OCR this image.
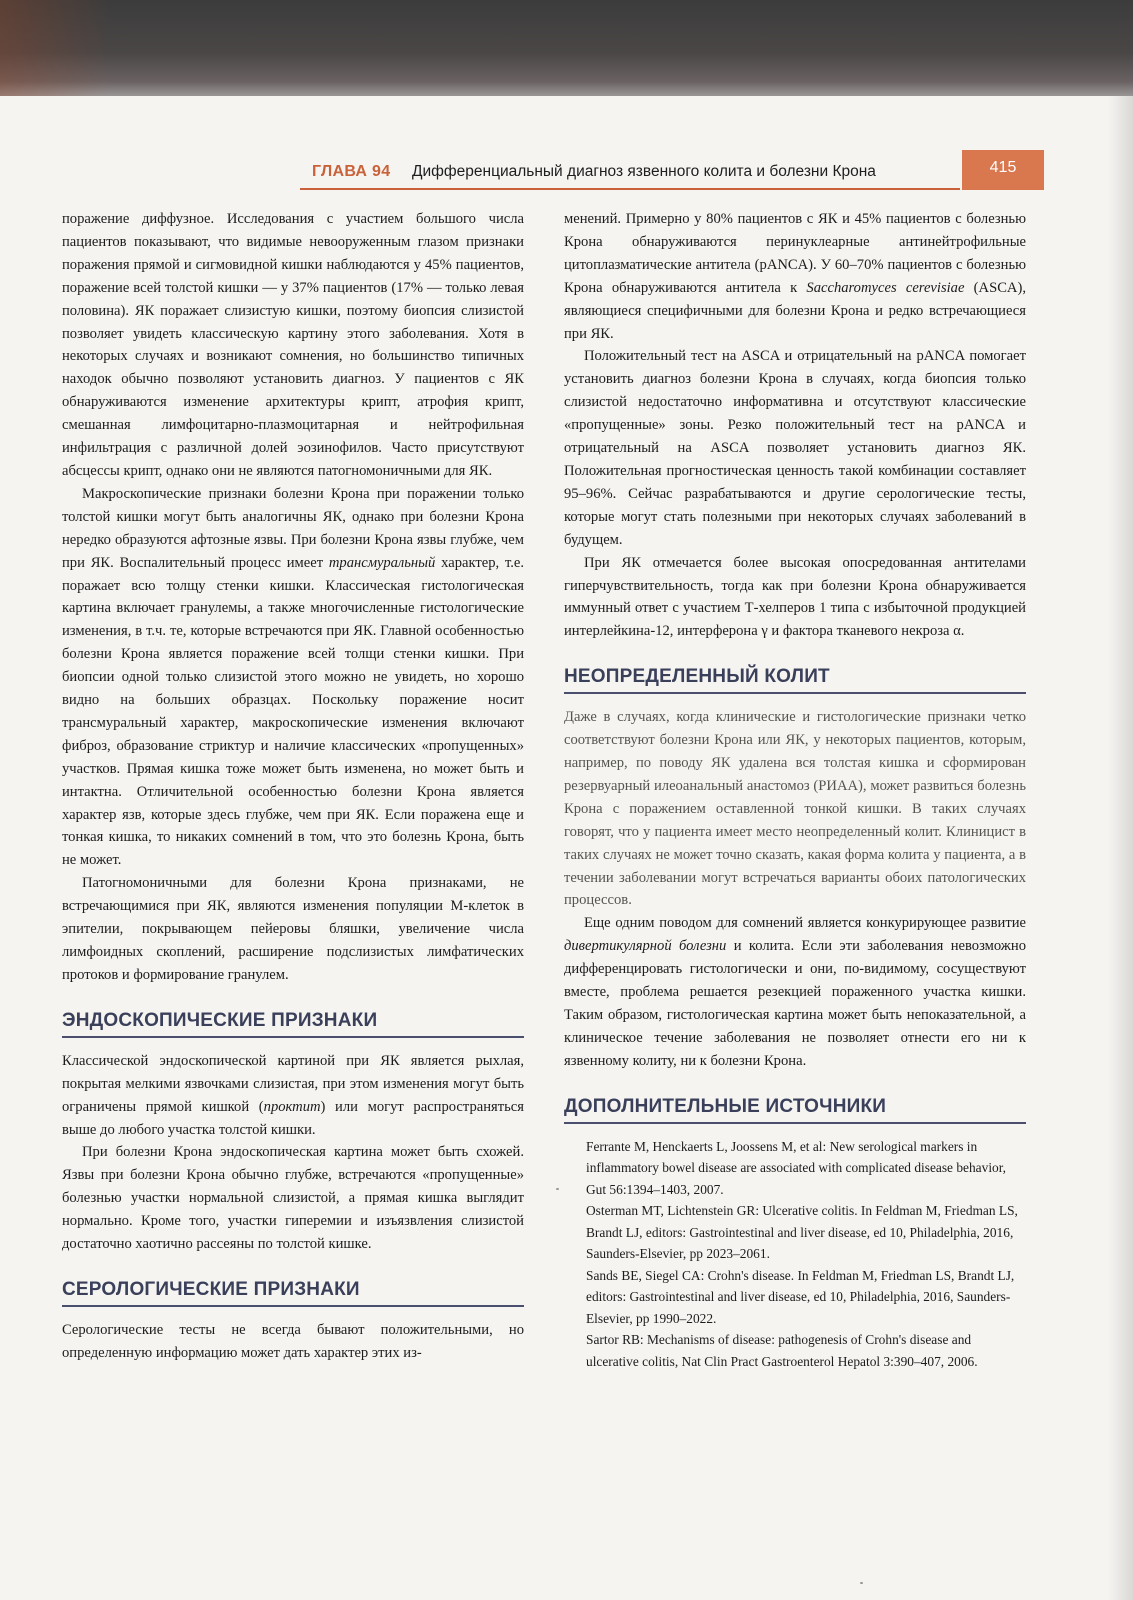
ГЛАВА 94 Дифференциальный диагноз язвенного колита и болезни Крона	415

поражение диффузное. Исследования с участием большого числа пациентов показывают, что видимые невооруженным глазом признаки поражения прямой и сигмовидной кишки наблюдаются у 45% пациентов, поражение всей толстой кишки — у 37% пациентов (17% — только левая половина). ЯК поражает слизистую кишки, поэтому биопсия слизистой позволяет увидеть классическую картину этого заболевания. Хотя в некоторых случаях и возникают сомнения, но большинство типичных находок обычно позволяют установить диагноз. У пациентов с ЯК обнаруживаются изменение архитектуры крипт, атрофия крипт, смешанная лимфоцитарно-плазмоцитарная и нейтрофильная инфильтрация с различной долей эозинофилов. Часто присутствуют абсцессы крипт, однако они не являются патогномоничными для ЯК.

Макроскопические признаки болезни Крона при поражении только толстой кишки могут быть аналогичны ЯК, однако при болезни Крона нередко образуются афтозные язвы. При болезни Крона язвы глубже, чем при ЯК. Воспалительный процесс имеет трансмуральный характер, т.е. поражает всю толщу стенки кишки. Классическая гистологическая картина включает гранулемы, а также многочисленные гистологические изменения, в т.ч. те, которые встречаются при ЯК. Главной особенностью болезни Крона является поражение всей толщи стенки кишки. При биопсии одной только слизистой этого можно не увидеть, но хорошо видно на больших образцах. Поскольку поражение носит трансмуральный характер, макроскопические изменения включают фиброз, образование стриктур и наличие классических «пропущенных» участков. Прямая кишка тоже может быть изменена, но может быть и интактна. Отличительной особенностью болезни Крона является характер язв, которые здесь глубже, чем при ЯК. Если поражена еще и тонкая кишка, то никаких сомнений в том, что это болезнь Крона, быть не может.

Патогномоничными для болезни Крона признаками, не встречающимися при ЯК, являются изменения популяции М-клеток в эпителии, покрывающем пейеровы бляшки, увеличение числа лимфоидных скоплений, расширение подслизистых лимфатических протоков и формирование гранулем.

ЭНДОСКОПИЧЕСКИЕ ПРИЗНАКИ

Классической эндоскопической картиной при ЯК является рыхлая, покрытая мелкими язвочками слизистая, при этом изменения могут быть ограничены прямой кишкой (проктит) или могут распространяться выше до любого участка толстой кишки.

При болезни Крона эндоскопическая картина может быть схожей. Язвы при болезни Крона обычно глубже, встречаются «пропущенные» болезнью участки нормальной слизистой, а прямая кишка выглядит нормально. Кроме того, участки гиперемии и изъязвления слизистой достаточно хаотично рассеяны по толстой кишке.

СЕРОЛОГИЧЕСКИЕ ПРИЗНАКИ

Серологические тесты не всегда бывают положительными, но определенную информацию может дать характер этих из-

менений. Примерно у 80% пациентов с ЯК и 45% пациентов с болезнью Крона обнаруживаются перинуклеарные антинейтрофильные цитоплазматические антитела (pANCA). У 60–70% пациентов с болезнью Крона обнаруживаются антитела к Saccharomyces cerevisiae (ASCA), являющиеся специфичными для болезни Крона и редко встречающиеся при ЯК.

Положительный тест на ASCA и отрицательный на pANCA помогает установить диагноз болезни Крона в случаях, когда биопсия только слизистой недостаточно информативна и отсутствуют классические «пропущенные» зоны. Резко положительный тест на pANCA и отрицательный на ASCA позволяет установить диагноз ЯК. Положительная прогностическая ценность такой комбинации составляет 95–96%. Сейчас разрабатываются и другие серологические тесты, которые могут стать полезными при некоторых случаях заболеваний в будущем.

При ЯК отмечается более высокая опосредованная антителами гиперчувствительность, тогда как при болезни Крона обнаруживается иммунный ответ с участием Т-хелперов 1 типа с избыточной продукцией интерлейкина-12, интерферона γ и фактора тканевого некроза α.

НЕОПРЕДЕЛЕННЫЙ КОЛИТ

Даже в случаях, когда клинические и гистологические признаки четко соответствуют болезни Крона или ЯК, у некоторых пациентов, которым, например, по поводу ЯК удалена вся толстая кишка и сформирован резервуарный илеоанальный анастомоз (РИАА), может развиться болезнь Крона с поражением оставленной тонкой кишки. В таких случаях говорят, что у пациента имеет место неопределенный колит. Клиницист в таких случаях не может точно сказать, какая форма колита у пациента, а в течении заболевании могут встречаться варианты обоих патологических процессов.

Еще одним поводом для сомнений является конкурирующее развитие дивертикулярной болезни и колита. Если эти заболевания невозможно дифференцировать гистологически и они, по-видимому, сосуществуют вместе, проблема решается резекцией пораженного участка кишки. Таким образом, гистологическая картина может быть непоказательной, а клиническое течение заболевания не позволяет отнести его ни к язвенному колиту, ни к болезни Крона.

ДОПОЛНИТЕЛЬНЫЕ ИСТОЧНИКИ

Ferrante M, Henckaerts L, Joossens M, et al: New serological markers in inflammatory bowel disease are associated with complicated disease behavior, Gut 56:1394–1403, 2007.

Osterman MT, Lichtenstein GR: Ulcerative colitis. In Feldman M, Friedman LS, Brandt LJ, editors: Gastrointestinal and liver disease, ed 10, Philadelphia, 2016, Saunders-Elsevier, pp 2023–2061.

Sands BE, Siegel CA: Crohn's disease. In Feldman M, Friedman LS, Brandt LJ, editors: Gastrointestinal and liver disease, ed 10, Philadelphia, 2016, Saunders-Elsevier, pp 1990–2022.

Sartor RB: Mechanisms of disease: pathogenesis of Crohn's disease and ulcerative colitis, Nat Clin Pract Gastroenterol Hepatol 3:390–407, 2006.
